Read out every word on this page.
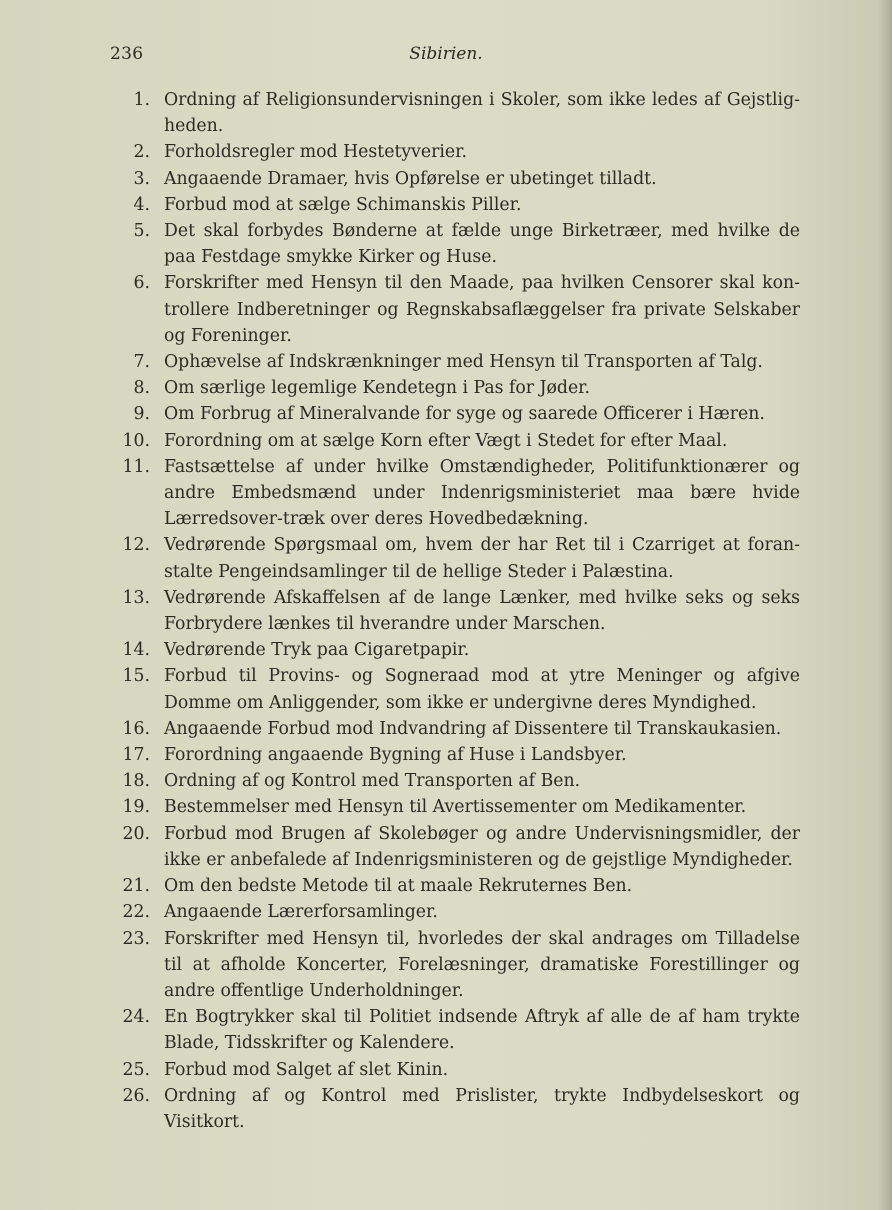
236	Sibirien.
1. Ordning af Religionsundervisningen i Skoler, som ikke ledes af Gejstlig-heden.
2. Forholdsregler mod Hestetyverier.
3. Angaaende Dramaer, hvis Opførelse er ubetinget tilladt.
4. Forbud mod at sælge Schimanskis Piller.
5. Det skal forbydes Bønderne at fælde unge Birketræer, med hvilke de paa Festdage smykke Kirker og Huse.
6. Forskrifter med Hensyn til den Maade, paa hvilken Censorer skal kon-trollere Indberetninger og Regnskabsaflæggelser fra private Selskaber og Foreninger.
7. Ophævelse af Indskrænkninger med Hensyn til Transporten af Talg.
8. Om særlige legemlige Kendetegn i Pas for Jøder.
9. Om Forbrug af Mineralvande for syge og saarede Officerer i Hæren.
10. Forordning om at sælge Korn efter Vægt i Stedet for efter Maal.
11. Fastsættelse af under hvilke Omstændigheder, Politifunktionærer og andre Embedsmænd under Indenrigsministeriet maa bære hvide Lærredsover-træk over deres Hovedbedækning.
12. Vedrørende Spørgsmaal om, hvem der har Ret til i Czarriget at foran-stalte Pengeindsamlinger til de hellige Steder i Palæstina.
13. Vedrørende Afskaffelsen af de lange Lænker, med hvilke seks og seks Forbrydere lænkes til hverandre under Marschen.
14. Vedrørende Tryk paa Cigaretpapir.
15. Forbud til Provins- og Sogneraad mod at ytre Meninger og afgive Domme om Anliggender, som ikke er undergivne deres Myndighed.
16. Angaaende Forbud mod Indvandring af Dissentere til Transkaukasien.
17. Forordning angaaende Bygning af Huse i Landsbyer.
18. Ordning af og Kontrol med Transporten af Ben.
19. Bestemmelser med Hensyn til Avertissementer om Medikamenter.
20. Forbud mod Brugen af Skolebøger og andre Undervisningsmidler, der ikke er anbefalede af Indenrigsministeren og de gejstlige Myndigheder.
21. Om den bedste Metode til at maale Rekruternes Ben.
22. Angaaende Lærerforsamlinger.
23. Forskrifter med Hensyn til, hvorledes der skal andrages om Tilladelse til at afholde Koncerter, Forelæsninger, dramatiske Forestillinger og andre offentlige Underholdninger.
24. En Bogtrykker skal til Politiet indsende Aftryk af alle de af ham trykte Blade, Tidsskrifter og Kalendere.
25. Forbud mod Salget af slet Kinin.
26. Ordning af og Kontrol med Prislister, trykte Indbydelseskort og Visitkort.
